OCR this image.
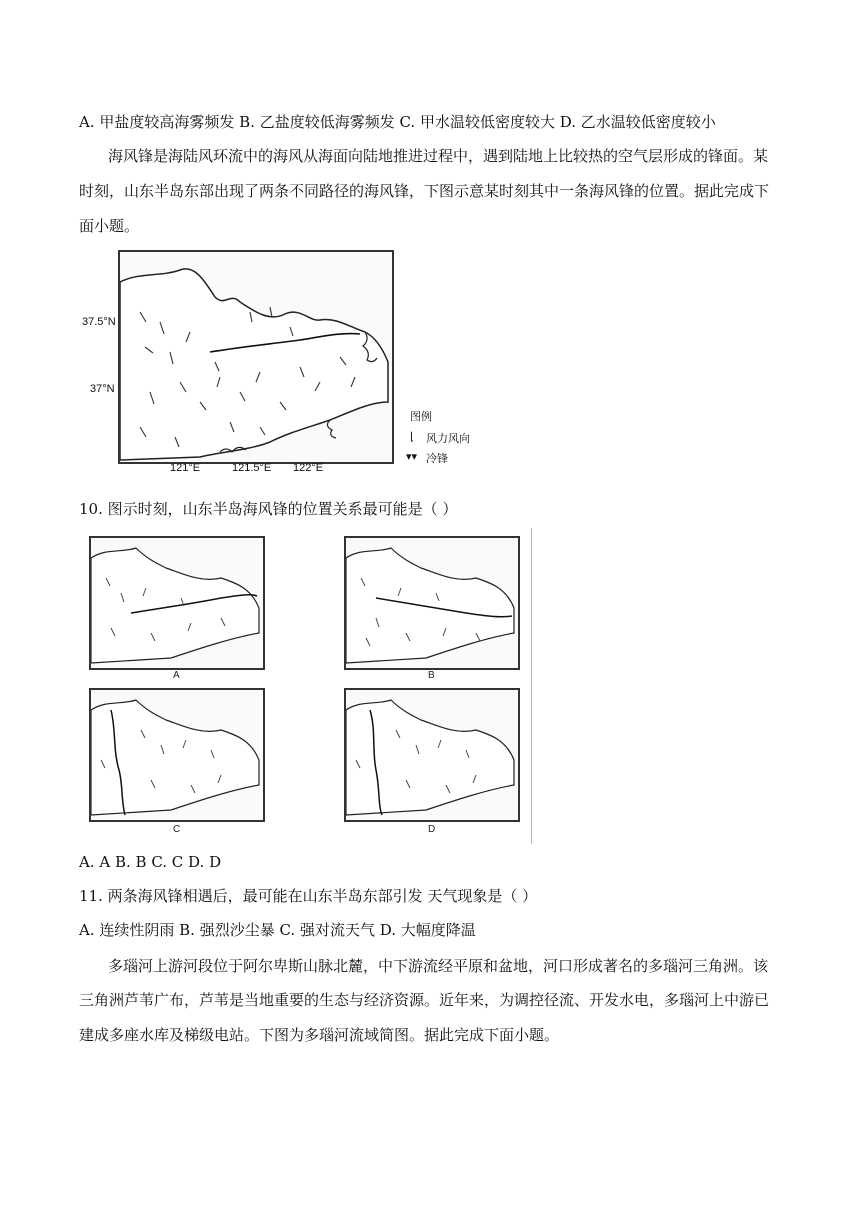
A. 甲盐度较高海雾频发 B. 乙盐度较低海雾频发 C. 甲水温较低密度较大 D. 乙水温较低密度较小
海风锋是海陆风环流中的海风从海面向陆地推进过程中，遇到陆地上比较热的空气层形成的锋面。某
时刻，山东半岛东部出现了两条不同路径的海风锋，下图示意某时刻其中一条海风锋的位置。据此完成下
面小题。
37.5°N
37°N
121°E	121.5°E 122°E
图例
⌊ 风力风向
▾▾ 冷锋
10. 图示时刻，山东半岛海风锋的位置关系最可能是（ ）
A	B
C	D
A. A B. B C. C D. D
11. 两条海风锋相遇后，最可能在山东半岛东部引发 天气现象是（ ）
A. 连续性阴雨 B. 强烈沙尘暴 C. 强对流天气 D. 大幅度降温
多瑙河上游河段位于阿尔卑斯山脉北麓，中下游流经平原和盆地，河口形成著名的多瑙河三角洲。该
三角洲芦苇广布，芦苇是当地重要的生态与经济资源。近年来，为调控径流、开发水电，多瑙河上中游已
建成多座水库及梯级电站。下图为多瑙河流域简图。据此完成下面小题。
